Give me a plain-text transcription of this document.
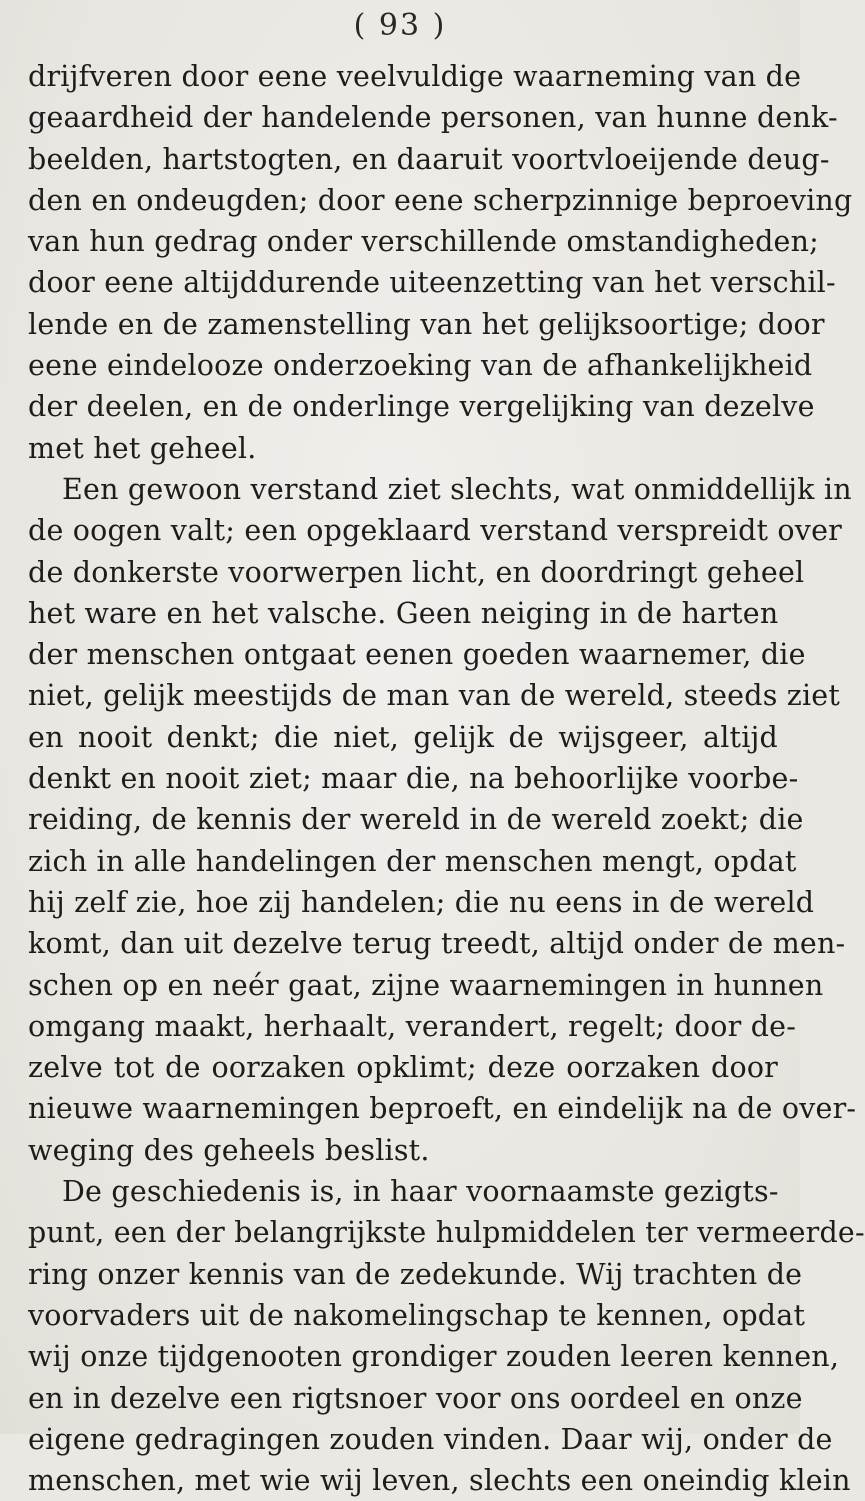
( 93 )
drijfveren door eene veelvuldige waarneming van de
geaardheid der handelende personen, van hunne denk-
beelden, hartstogten, en daaruit voortvloeijende deug-
den en ondeugden; door eene scherpzinnige beproeving
van hun gedrag onder verschillende omstandigheden;
door eene altijddurende uiteenzetting van het verschil-
lende en de zamenstelling van het gelijksoortige; door
eene eindelooze onderzoeking van de afhankelijkheid
der deelen, en de onderlinge vergelijking van dezelve
met het geheel.
Een gewoon verstand ziet slechts, wat onmiddellijk in
de oogen valt; een opgeklaard verstand verspreidt over
de donkerste voorwerpen licht, en doordringt geheel
het ware en het valsche. Geen neiging in de harten
der menschen ontgaat eenen goeden waarnemer, die
niet, gelijk meestijds de man van de wereld, steeds ziet
en nooit denkt; die niet, gelijk de wijsgeer, altijd
denkt en nooit ziet; maar die, na behoorlijke voorbe-
reiding, de kennis der wereld in de wereld zoekt; die
zich in alle handelingen der menschen mengt, opdat
hij zelf zie, hoe zij handelen; die nu eens in de wereld
komt, dan uit dezelve terug treedt, altijd onder de men-
schen op en neér gaat, zijne waarnemingen in hunnen
omgang maakt, herhaalt, verandert, regelt; door de-
zelve tot de oorzaken opklimt; deze oorzaken door
nieuwe waarnemingen beproeft, en eindelijk na de over-
weging des geheels beslist.
De geschiedenis is, in haar voornaamste gezigts-
punt, een der belangrijkste hulpmiddelen ter vermeerde-
ring onzer kennis van de zedekunde. Wij trachten de
voorvaders uit de nakomelingschap te kennen, opdat
wij onze tijdgenooten grondiger zouden leeren kennen,
en in dezelve een rigtsnoer voor ons oordeel en onze
eigene gedragingen zouden vinden. Daar wij, onder de
menschen, met wie wij leven, slechts een oneindig klein
